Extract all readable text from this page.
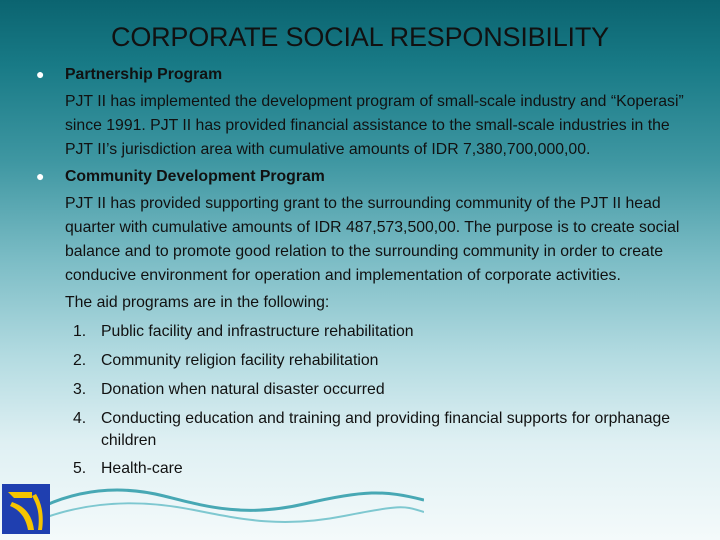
CORPORATE SOCIAL RESPONSIBILITY
●	Partnership Program
PJT II has implemented the development program of small-scale industry and “Koperasi” since 1991. PJT II has provided financial assistance to the small-scale industries in the PJT II’s jurisdiction area with cumulative amounts of IDR 7,380,700,000,00.
●	Community Development Program
PJT II has provided supporting grant to the surrounding community of the PJT II head quarter with cumulative amounts of IDR 487,573,500,00. The purpose is to create social balance and to promote good relation to the surrounding community in order to create conducive environment for operation and implementation of corporate activities.
The aid programs are in the following:
1. Public facility and infrastructure rehabilitation
2. Community religion facility rehabilitation
3. Donation when natural disaster occurred
4. Conducting education and training and providing financial supports for orphanage children
5. Health-care
